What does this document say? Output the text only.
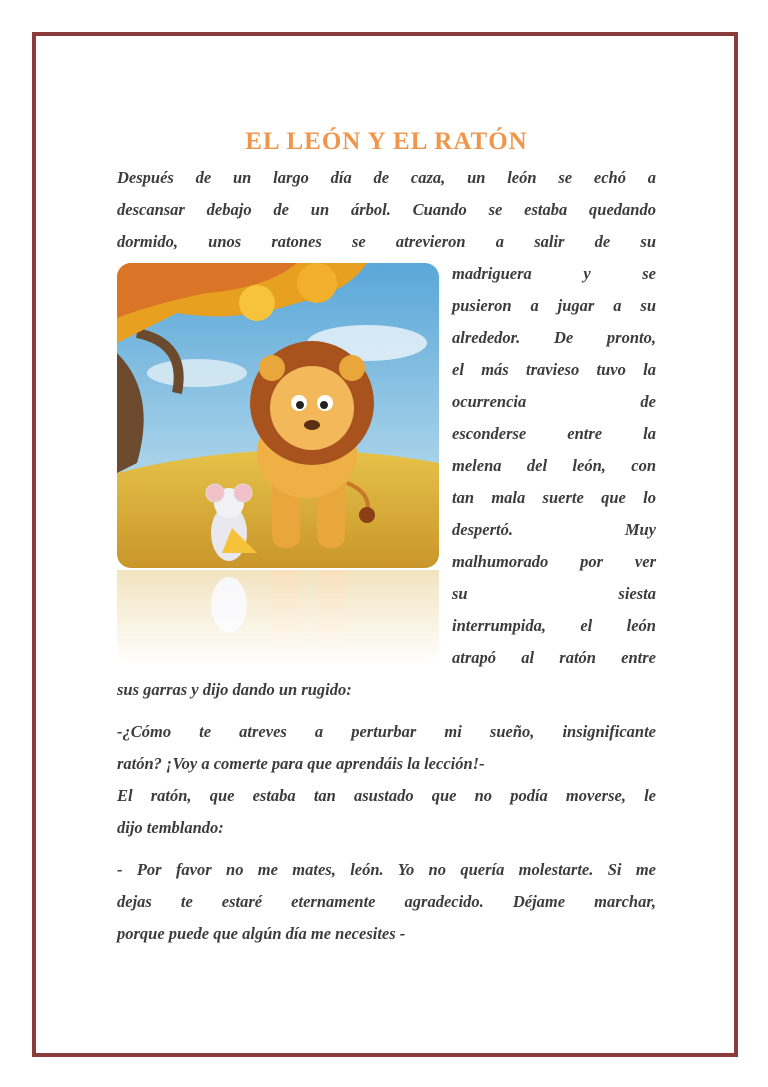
EL LEÓN Y EL RATÓN
Después de un largo día de caza, un león se echó a
descansar debajo de un árbol. Cuando se estaba quedando
dormido, unos ratones se atrevieron a salir de su
madriguera y se
pusieron a jugar a su
alrededor. De pronto,
el más travieso tuvo la
ocurrencia de
esconderse entre la
melena del león, con
tan mala suerte que lo
despertó. Muy
malhumorado por ver
su siesta
interrumpida, el león
atrapó al ratón entre
sus garras y dijo dando un rugido:
-¿Cómo te atreves a perturbar mi sueño, insignificante
ratón? ¡Voy a comerte para que aprendáis la lección!-
El ratón, que estaba tan asustado que no podía moverse, le
dijo temblando:
- Por favor no me mates, león. Yo no quería molestarte. Si me
dejas te estaré eternamente agradecido. Déjame marchar,
porque puede que algún día me necesites -
